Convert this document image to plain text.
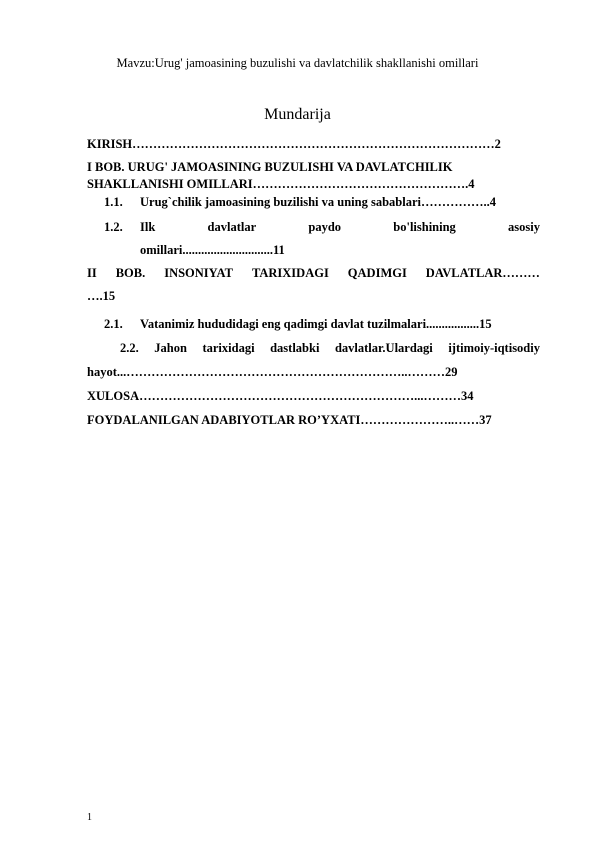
Mavzu:Urug' jamoasining buzulishi va davlatchilik shakllanishi omillari
Mundarija
KIRISH……………………………………………………………………………2
I BOB. URUG' JAMOASINING BUZULISHI VA DAVLATCHILIK
SHAKLLANISHI OMILLARI…………………………………………….4
1.1. Urug`chilik jamoasining buzilishi va uning sabablari……………..4
1.2. Ilk	davlatlar	paydo	bo'lishining	asosiy
omillari.............................11
II BOB. INSONIYAT TARIXIDAGI QADIMGI DAVLATLAR………
….15
2.1. Vatanimiz hududidagi eng qadimgi davlat tuzilmalari.................15
2.2. Jahon tarixidagi dastlabki davlatlar.Ulardagi ijtimoiy-iqtisodiy
hayot...…………………………………………………………..………29
XULOSA…………………………………………………………...………34
FOYDALANILGAN ADABIYOTLAR RO’YXATI…………………..……37
1
